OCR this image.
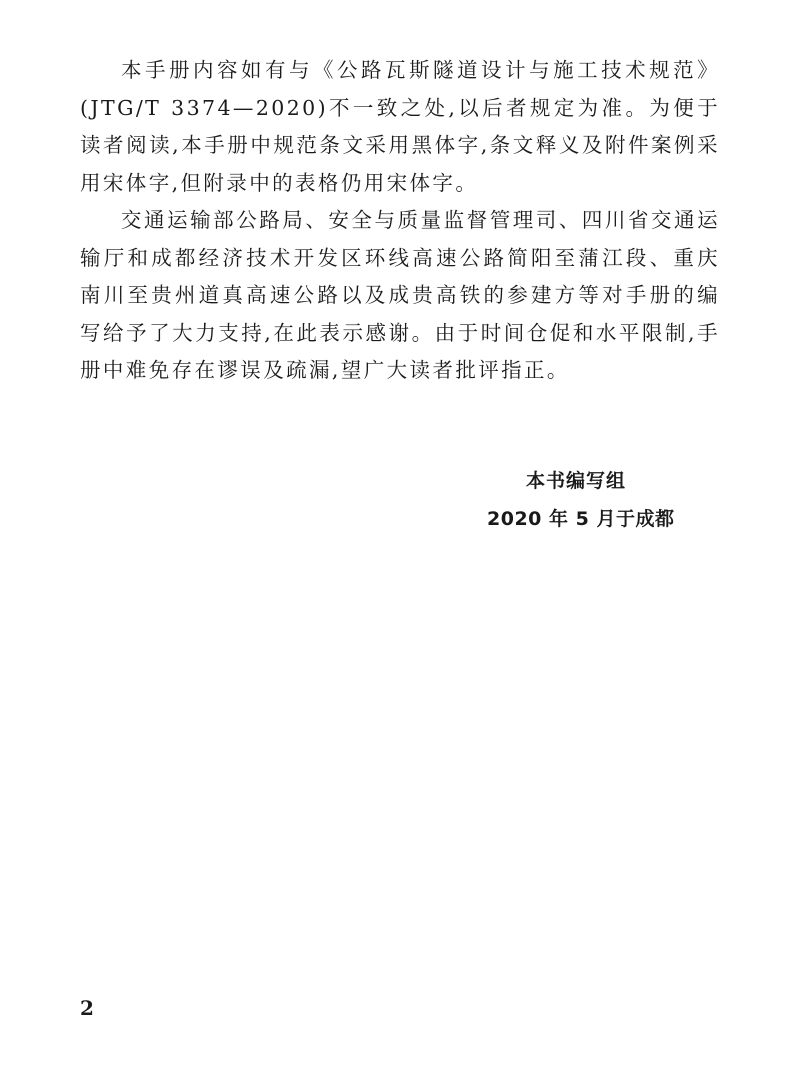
本手册内容如有与《公路瓦斯隧道设计与施工技术规范》(JTG/T 3374—2020)不一致之处,以后者规定为准。为便于读者阅读,本手册中规范条文采用黑体字,条文释义及附件案例采用宋体字,但附录中的表格仍用宋体字。

交通运输部公路局、安全与质量监督管理司、四川省交通运输厅和成都经济技术开发区环线高速公路简阳至蒲江段、重庆南川至贵州道真高速公路以及成贵高铁的参建方等对手册的编写给予了大力支持,在此表示感谢。由于时间仓促和水平限制,手册中难免存在谬误及疏漏,望广大读者批评指正。

本书编写组
2020 年 5 月于成都
2
